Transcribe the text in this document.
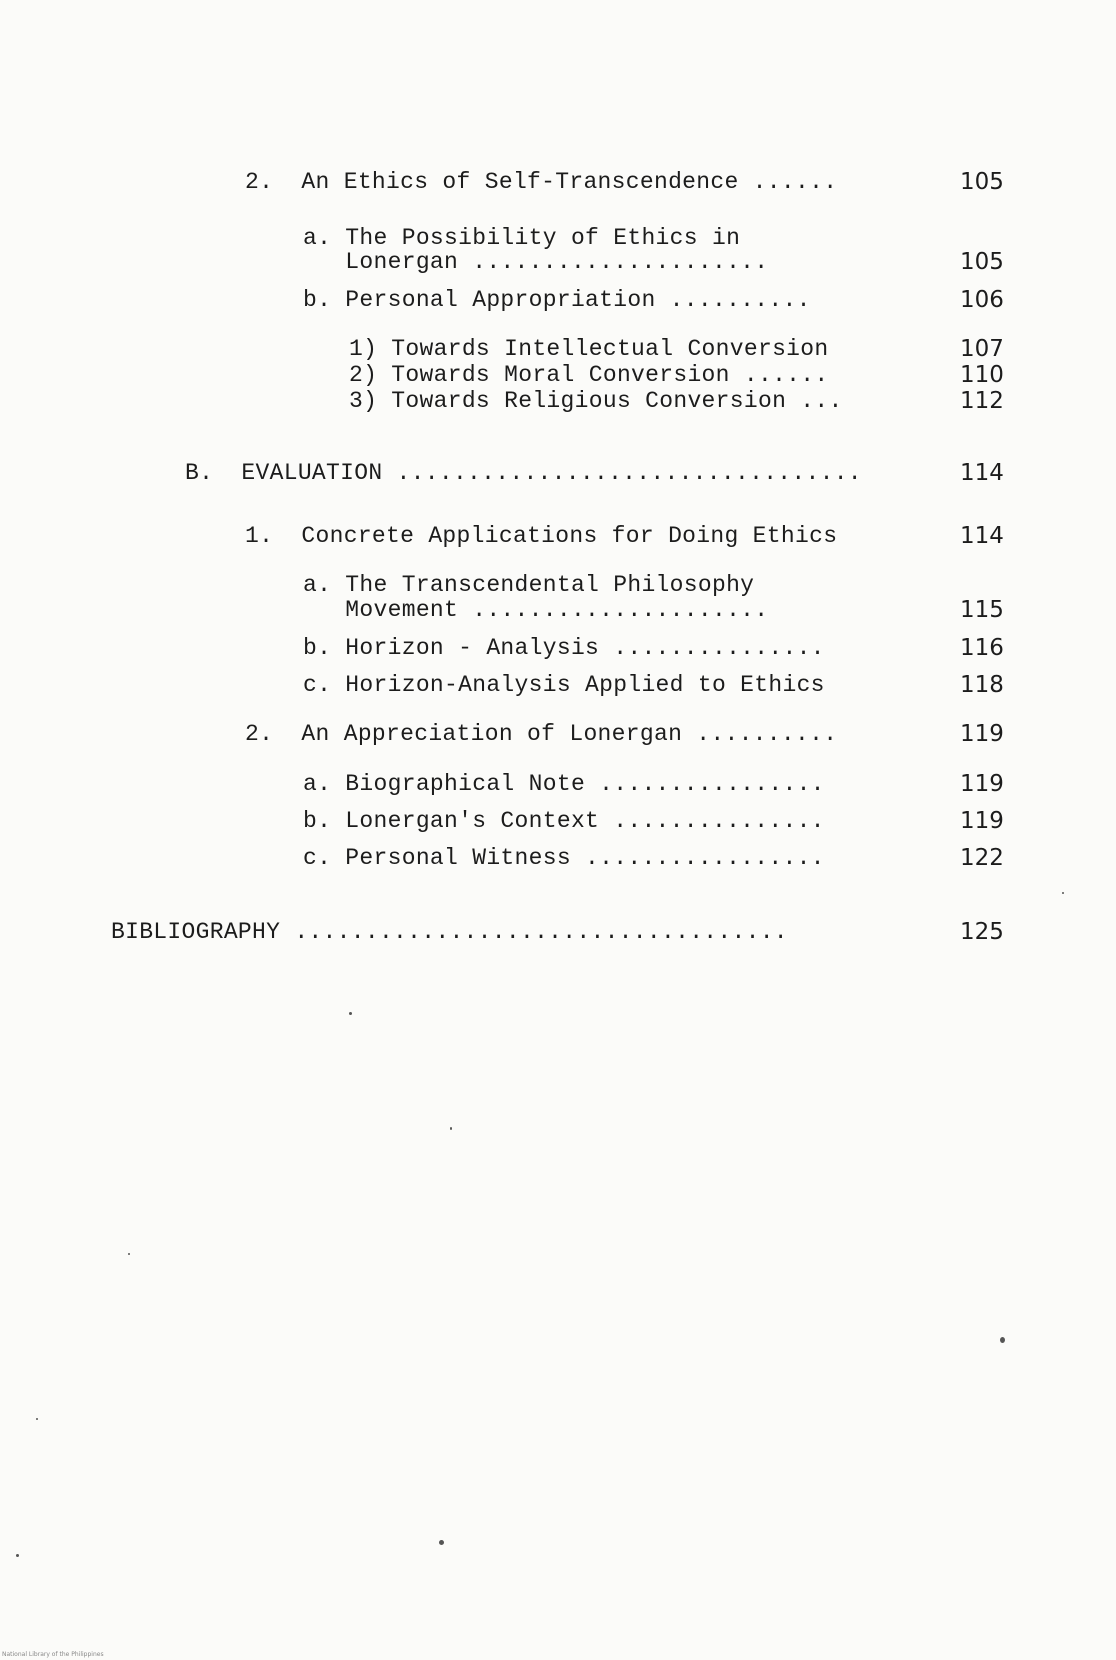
2.  An Ethics of Self-Transcendence ......	105
a. The Possibility of Ethics in
Lonergan .....................	105
b. Personal Appropriation ..........	106
1) Towards Intellectual Conversion	107
2) Towards Moral Conversion ......	110
3) Towards Religious Conversion ...	112
B.  EVALUATION .................................	114
1.  Concrete Applications for Doing Ethics	114
a. The Transcendental Philosophy
Movement .....................	115
b. Horizon - Analysis ...............	116
c. Horizon-Analysis Applied to Ethics	118
2.  An Appreciation of Lonergan ..........	119
a. Biographical Note ................	119
b. Lonergan's Context ...............	119
c. Personal Witness .................	122
BIBLIOGRAPHY ...................................	125
National Library of the Philippines
